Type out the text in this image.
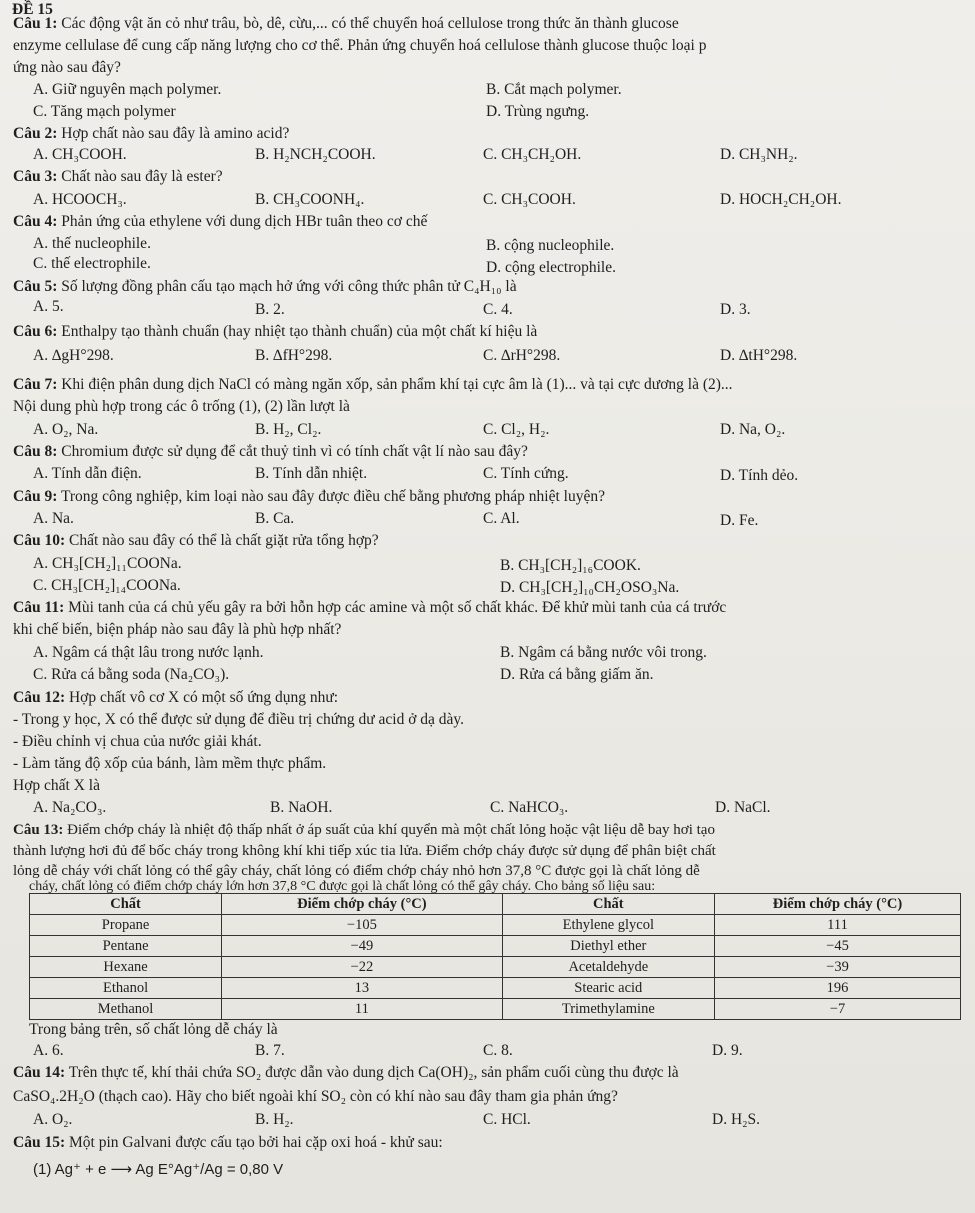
ĐỀ 15
Câu 1: Các động vật ăn cỏ như trâu, bò, dê, cừu,... có thể chuyển hoá cellulose trong thức ăn thành glucose
enzyme cellulase để cung cấp năng lượng cho cơ thể. Phản ứng chuyển hoá cellulose thành glucose thuộc loại p
ứng nào sau đây?
A. Giữ nguyên mạch polymer.	B. Cắt mạch polymer.
C. Tăng mạch polymer	D. Trùng ngưng.
Câu 2: Hợp chất nào sau đây là amino acid?
A. CH₃COOH.	B. H₂NCH₂COOH.	C. CH₃CH₂OH.	D. CH₃NH₂.
Câu 3: Chất nào sau đây là ester?
A. HCOOCH₃.	B. CH₃COONH₄.	C. CH₃COOH.	D. HOCH₂CH₂OH.
Câu 4: Phản ứng của ethylene với dung dịch HBr tuân theo cơ chế
A. thế nucleophile.	B. cộng nucleophile.
C. thế electrophile.	D. cộng electrophile.
Câu 5: Số lượng đồng phân cấu tạo mạch hở ứng với công thức phân tử C₄H₁₀ là
A. 5.	B. 2.	C. 4.	D. 3.
Câu 6: Enthalpy tạo thành chuẩn (hay nhiệt tạo thành chuẩn) của một chất kí hiệu là
A. ∆gH°298.	B. ∆fH°298.	C. ∆rH°298.	D. ∆tH°298.
Câu 7: Khi điện phân dung dịch NaCl có màng ngăn xốp, sản phẩm khí tại cực âm là (1)... và tại cực dương là (2)...
Nội dung phù hợp trong các ô trống (1), (2) lần lượt là
A. O₂, Na.	B. H₂, Cl₂.	C. Cl₂, H₂.	D. Na, O₂.
Câu 8: Chromium được sử dụng để cắt thuỷ tinh vì có tính chất vật lí nào sau đây?
A. Tính dẫn điện.	B. Tính dẫn nhiệt.	C. Tính cứng.	D. Tính dẻo.
Câu 9: Trong công nghiệp, kim loại nào sau đây được điều chế bằng phương pháp nhiệt luyện?
A. Na.	B. Ca.	C. Al.	D. Fe.
Câu 10: Chất nào sau đây có thể là chất giặt rửa tổng hợp?
A. CH₃[CH₂]₁₁COONa.	B. CH₃[CH₂]₁₆COOK.
C. CH₃[CH₂]₁₄COONa.	D. CH₃[CH₂]₁₀CH₂OSO₃Na.
Câu 11: Mùi tanh của cá chủ yếu gây ra bởi hỗn hợp các amine và một số chất khác. Để khử mùi tanh của cá trước
khi chế biến, biện pháp nào sau đây là phù hợp nhất?
A. Ngâm cá thật lâu trong nước lạnh.	B. Ngâm cá bằng nước vôi trong.
C. Rửa cá bằng soda (Na₂CO₃).	D. Rửa cá bằng giấm ăn.
Câu 12: Hợp chất vô cơ X có một số ứng dụng như:
- Trong y học, X có thể được sử dụng để điều trị chứng dư acid ở dạ dày.
- Điều chỉnh vị chua của nước giải khát.
- Làm tăng độ xốp của bánh, làm mềm thực phẩm.
Hợp chất X là
A. Na₂CO₃.	B. NaOH.	C. NaHCO₃.	D. NaCl.
Câu 13: Điểm chớp cháy là nhiệt độ thấp nhất ở áp suất của khí quyển mà một chất lỏng hoặc vật liệu dễ bay hơi tạo
thành lượng hơi đủ để bốc cháy trong không khí khi tiếp xúc tia lửa. Điểm chớp cháy được sử dụng để phân biệt chất
lỏng dễ cháy với chất lỏng có thể gây cháy, chất lỏng có điểm chớp cháy nhỏ hơn 37,8 °C được gọi là chất lỏng dễ
cháy, chất lỏng có điểm chớp cháy lớn hơn 37,8 °C được gọi là chất lỏng có thể gây cháy. Cho bảng số liệu sau:
Chất	Điểm chớp cháy (°C)	Chất	Điểm chớp cháy (°C)
Propane	−105	Ethylene glycol	111
Pentane	−49	Diethyl ether	−45
Hexane	−22	Acetaldehyde	−39
Ethanol	13	Stearic acid	196
Methanol	11	Trimethylamine	−7
Trong bảng trên, số chất lỏng dễ cháy là
A. 6.	B. 7.	C. 8.	D. 9.
Câu 14: Trên thực tế, khí thải chứa SO₂ được dẫn vào dung dịch Ca(OH)₂, sản phẩm cuối cùng thu được là
CaSO₄.2H₂O (thạch cao). Hãy cho biết ngoài khí SO₂ còn có khí nào sau đây tham gia phản ứng?
A. O₂.	B. H₂.	C. HCl.	D. H₂S.
Câu 15: Một pin Galvani được cấu tạo bởi hai cặp oxi hoá - khử sau:
(1) Ag⁺ + e ⟶ Ag E°Ag⁺/Ag = 0,80 V
